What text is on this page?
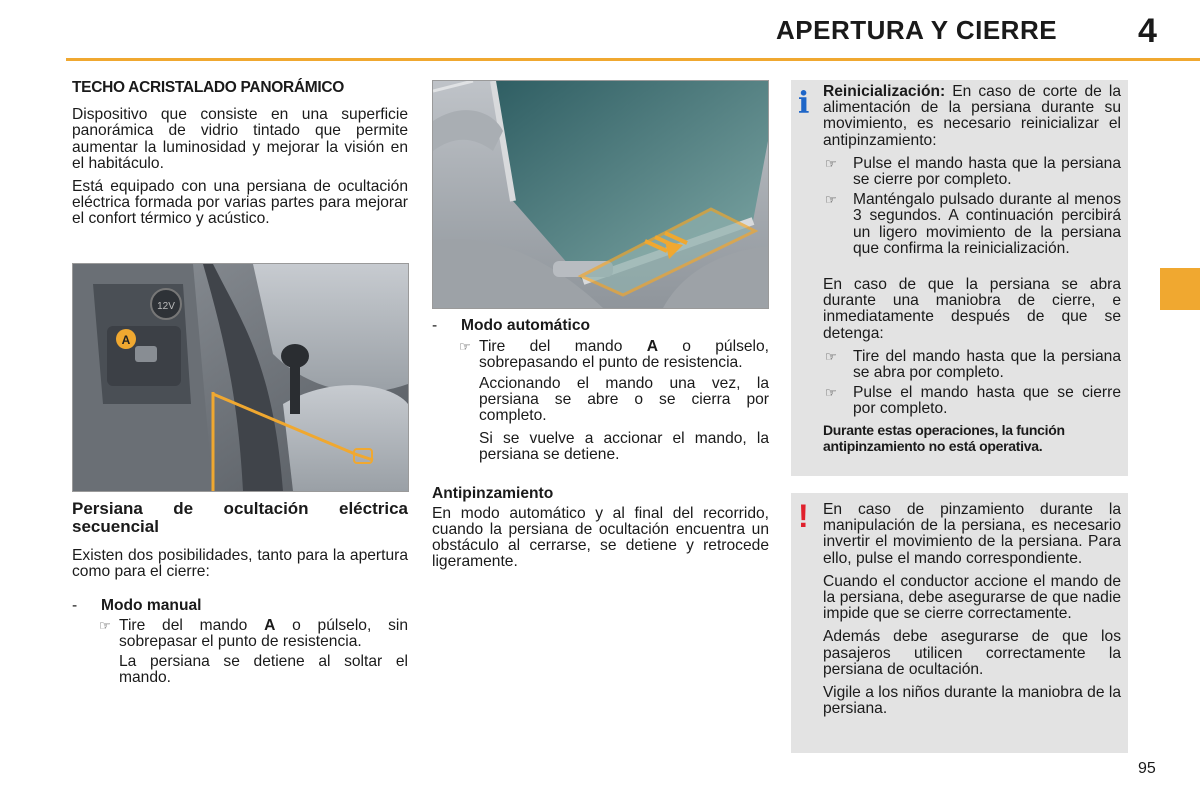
APERTURA Y CIERRE 4
TECHO ACRISTALADO PANORÁMICO

Dispositivo que consiste en una superficie panorámica de vidrio tintado que permite aumentar la luminosidad y mejorar la visión en el habitáculo.

Está equipado con una persiana de ocultación eléctrica formada por varias partes para mejorar el confort térmico y acústico.

A
12V
Persiana de ocultación eléctrica secuencial

Existen dos posibilidades, tanto para la apertura como para el cierre:

- Modo manual
☞ Tire del mando A o púlselo, sin sobrepasar el punto de resistencia.

La persiana se detiene al soltar el mando.

- Modo automático
☞ Tire del mando A o púlselo, sobrepasando el punto de resistencia.

Accionando el mando una vez, la persiana se abre o se cierra por completo.

Si se vuelve a accionar el mando, la persiana se detiene.

Antipinzamiento

En modo automático y al final del recorrido, cuando la persiana de ocultación encuentra un obstáculo al cerrarse, se detiene y retrocede ligeramente.

i Reinicialización: En caso de corte de la alimentación de la persiana durante su movimiento, es necesario reinicializar el antipinzamiento:

☞ Pulse el mando hasta que la persiana se cierre por completo.
☞ Manténgalo pulsado durante al menos 3 segundos. A continuación percibirá un ligero movimiento de la persiana que confirma la reinicialización.

En caso de que la persiana se abra durante una maniobra de cierre, e inmediatamente después de que se detenga:

☞ Tire del mando hasta que la persiana se abra por completo.
☞ Pulse el mando hasta que se cierre por completo.

Durante estas operaciones, la función antipinzamiento no está operativa.

! En caso de pinzamiento durante la manipulación de la persiana, es necesario invertir el movimiento de la persiana. Para ello, pulse el mando correspondiente.

Cuando el conductor accione el mando de la persiana, debe asegurarse de que nadie impide que se cierre correctamente.

Además debe asegurarse de que los pasajeros utilicen correctamente la persiana de ocultación.

Vigile a los niños durante la maniobra de la persiana.

95
